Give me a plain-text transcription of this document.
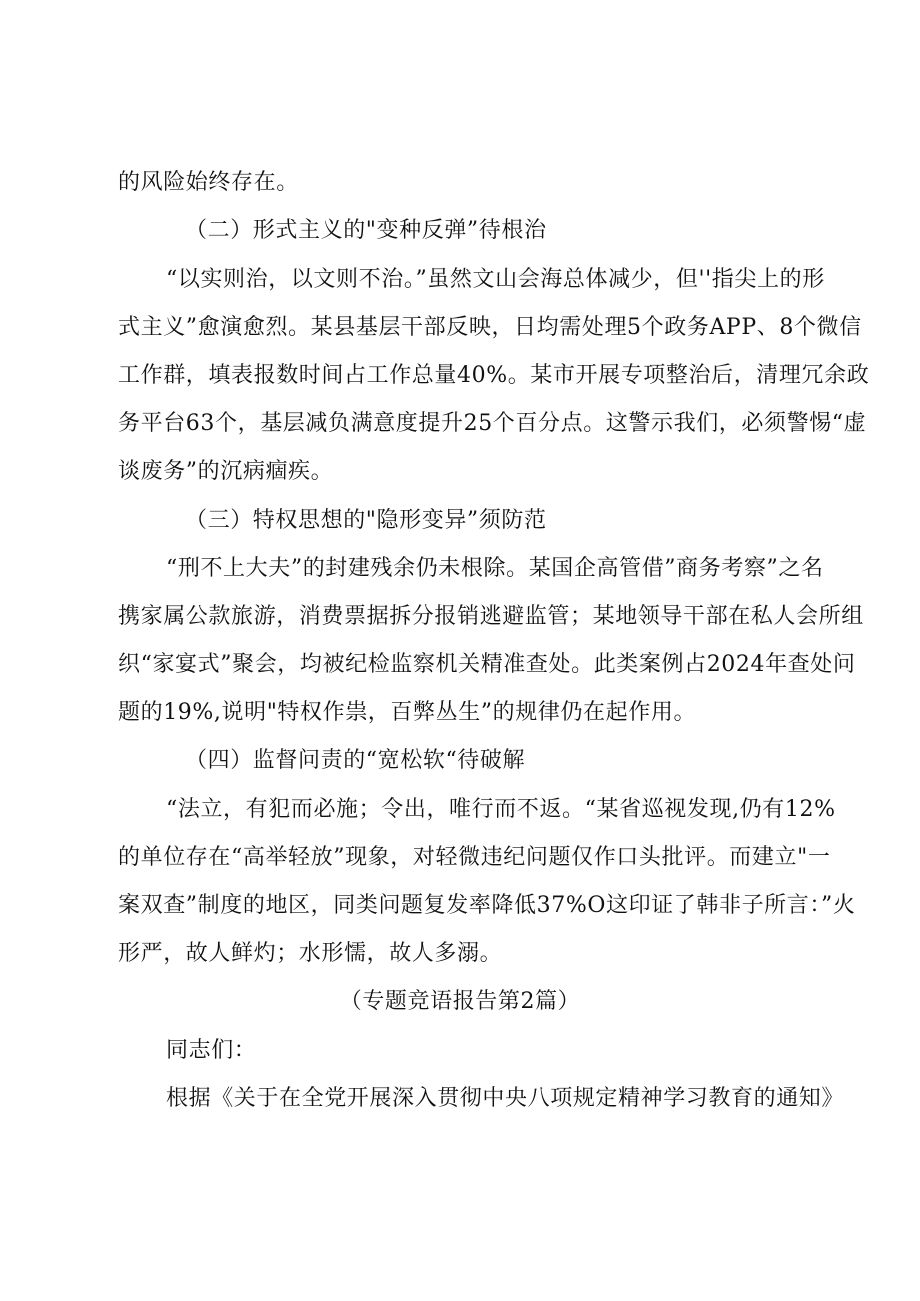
的风险始终存在。
（二）形式主义的"变种反弹”待根治
“以实则治，以文则不治。”虽然文山会海总体减少，但''指尖上的形
式主义”愈演愈烈。某县基层干部反映，日均需处理5个政务APP、8个微信
工作群，填表报数时间占工作总量40%。某市开展专项整治后，清理冗余政
务平台63个，基层减负满意度提升25个百分点。这警示我们，必须警惕“虚
谈废务”的沉病痼疾。
（三）特权思想的"隐形变异”须防范
“刑不上大夫”的封建残余仍未根除。某国企高管借”商务考察”之名
携家属公款旅游，消费票据拆分报销逃避监管；某地领导干部在私人会所组
织“家宴式”聚会，均被纪检监察机关精准查处。此类案例占2024年查处问
题的19%,说明"特权作祟，百弊丛生”的规律仍在起作用。
（四）监督问责的“宽松软“待破解
“法立，有犯而必施；令出，唯行而不返。“某省巡视发现,仍有12%
的单位存在“高举轻放”现象，对轻微违纪问题仅作口头批评。而建立"一
案双查”制度的地区，同类问题复发率降低37%O这印证了韩非子所言：”火
形严，故人鲜灼；水形懦，故人多溺。
（专题竞语报告第2篇）
同志们：
根据《关于在全党开展深入贯彻中央八项规定精神学习教育的通知》
